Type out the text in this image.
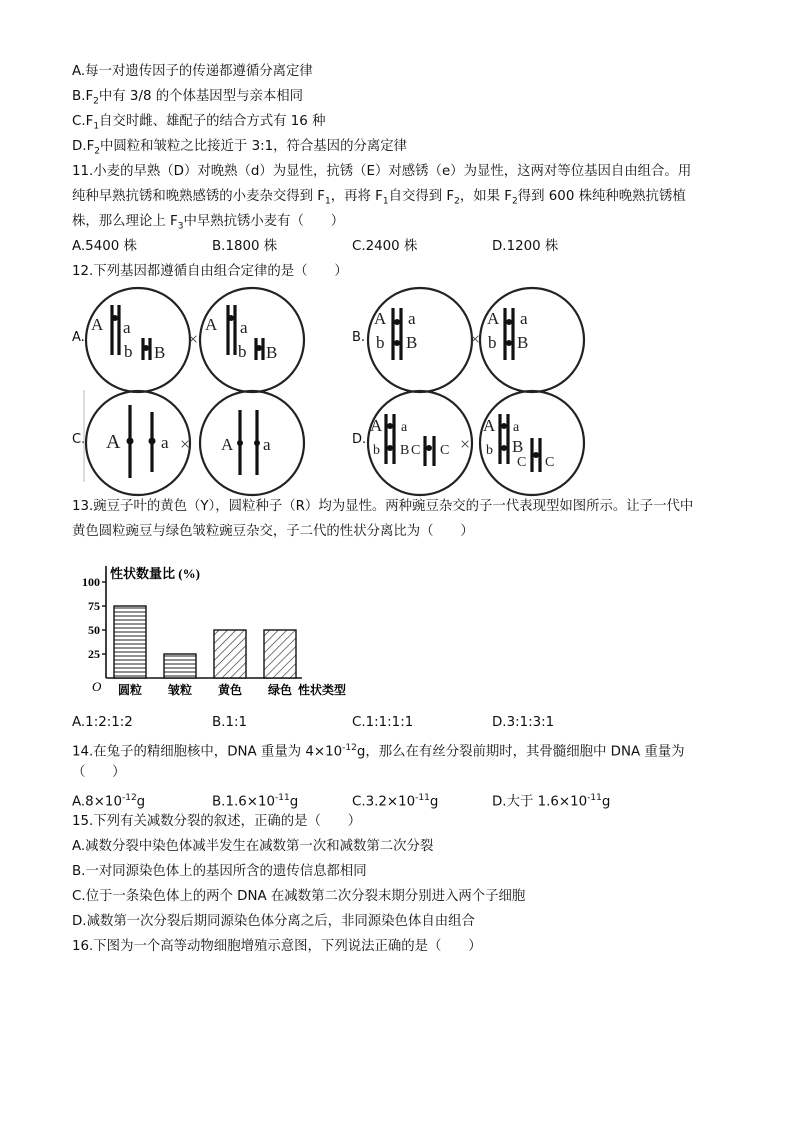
A.每一对遗传因子的传递都遵循分离定律
$B.F_2$中有 3/8 的个体基因型与亲本相同
$C.F_1$自交时雌、雄配子的结合方式有 16 种
$D.F_2$中圆粒和皱粒之比接近于 3:1，符合基因的分离定律
11.小麦的早熟（D）对晚熟（d）为显性，抗锈（E）对感锈（e）为显性，这两对等位基因自由组合。用
纯种早熟抗锈和晚熟感锈的小麦杂交得到 $F_1$，再将 $F_1$自交得到 $F_2$，如果 $F_2$得到 600 株纯种晚熟抗锈植
株，那么理论上 $F_3$中早熟抗锈小麦有（　　）
A.5400 株	B.1800 株	C.2400 株	D.1200 株
12.下列基因都遵循自由组合定律的是（　　）
A.	B.
C.	D.
A a
b B
A a
b B
A a
b B
A a
b B
A a	A a
A a
b B C C
A a
b B
C C
×	×
×	×
13.豌豆子叶的黄色（Y），圆粒种子（R）均为显性。两种豌豆杂交的子一代表现型如图所示。让子一代中
黄色圆粒豌豆与绿色皱粒豌豆杂交，子二代的性状分离比为（　　）
性状数量比 (%)
O	性状类型
25
50
75
100
圆粒 皱粒 黄色 绿色
A.1:2:1:2	B.1:1	C.1:1:1:1	D.3:1:3:1
14.在兔子的精细胞核中，DNA 重量为 $4\times 10^{-12}g$，那么在有丝分裂前期时，其骨髓细胞中 DNA 重量为
（　　）
$A.8\times 10^{-12}g$	$B.1.6\times 10^{-11}g$	$C.3.2\times 10^{-11}g$	D.大于 $1.6\times 10^{-11}g$
15.下列有关减数分裂的叙述，正确的是（　　）
A.减数分裂中染色体减半发生在减数第一次和减数第二次分裂
B.一对同源染色体上的基因所含的遗传信息都相同
C.位于一条染色体上的两个 DNA 在减数第二次分裂末期分别进入两个子细胞
D.减数第一次分裂后期同源染色体分离之后，非同源染色体自由组合
16.下图为一个高等动物细胞增殖示意图，下列说法正确的是（　　）
